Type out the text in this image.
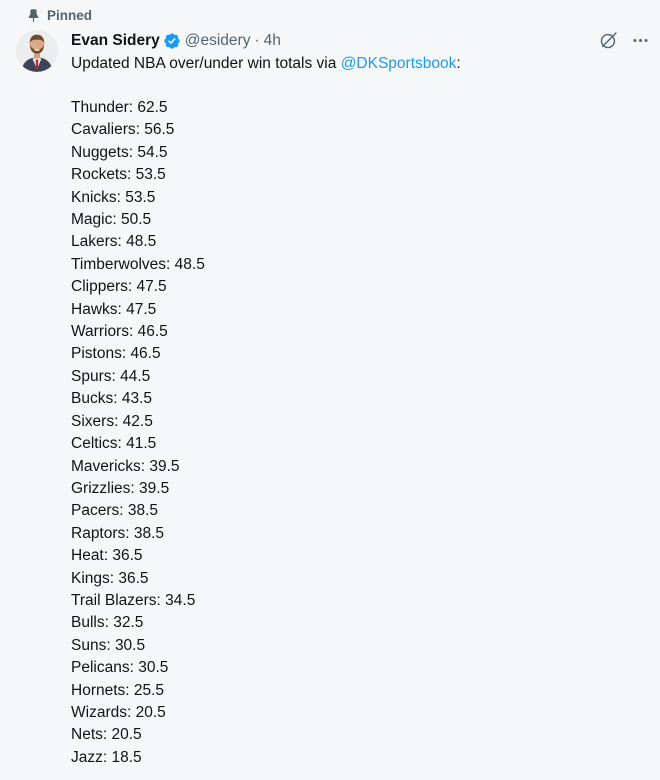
Pinned
Evan Sidery @esidery · 4h
Updated NBA over/under win totals via @DKSportsbook:
Thunder: 62.5
Cavaliers: 56.5
Nuggets: 54.5
Rockets: 53.5
Knicks: 53.5
Magic: 50.5
Lakers: 48.5
Timberwolves: 48.5
Clippers: 47.5
Hawks: 47.5
Warriors: 46.5
Pistons: 46.5
Spurs: 44.5
Bucks: 43.5
Sixers: 42.5
Celtics: 41.5
Mavericks: 39.5
Grizzlies: 39.5
Pacers: 38.5
Raptors: 38.5
Heat: 36.5
Kings: 36.5
Trail Blazers: 34.5
Bulls: 32.5
Suns: 30.5
Pelicans: 30.5
Hornets: 25.5
Wizards: 20.5
Nets: 20.5
Jazz: 18.5
